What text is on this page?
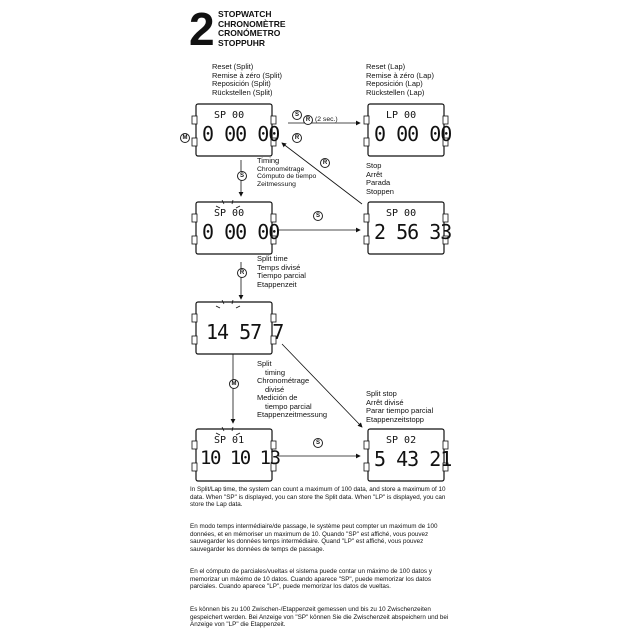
2 STOPWATCH
CHRONOMÈTRE
CRONÓMETRO
STOPPUHR
SP 00
0 00 00
S
R
M
Reset (Split)
Remise à zéro (Split)
Reposición (Split)
Rückstellen (Split)
R (2 sec.)	LP 00
0 00 00
Reset (Lap)
Remise à zéro (Lap)
Reposición (Lap)
Rückstellen (Lap)
S
Timing
Chronométrage
Cómputo de tiempo
Zeitmessung
R	Stop
Arrêt
Parada
Stoppen
SP 00
0 00 00
S	SP 00
2 56 33
R
Split time
Temps divisé
Tiempo parcial
Etappenzeit
14 57 7
M
Split
timing
Chronométrage
divisé
Medición de
tiempo parcial
Etappenzeitmessung
Split stop
Arrêt divisé
Parar tiempo parcial
Etappenzeitstopp
SP 01
10 10 13
S	SP 02
5 43 21
In Split/Lap time, the system can count a maximum of 100 data, and store a maximum of 10 data. When "SP" is displayed, you can store the Split data. When "LP" is displayed, you can store the Lap data.
En modo temps intermédiaire/de passage, le système peut compter un maximum de 100 données, et en mémoriser un maximum de 10. Quando "SP" est affiché, vous pouvez sauvegarder les données temps intermédiaire. Quand "LP" est affiché, vous pouvez sauvegarder les données de temps de passage.
En el cómputo de parciales/vueltas el sistema puede contar un máximo de 100 datos y memorizar un máximo de 10 datos. Cuando aparece "SP", puede memorizar los datos parciales. Cuando aparece "LP", puede memorizar los datos de vueltas.
Es können bis zu 100 Zwischen-/Etappenzeit gemessen und bis zu 10 Zwischenzeiten gespeichert werden. Bei Anzeige von "SP" können Sie die Zwischenzeit abspeichern und bei Anzeige von "LP" die Etappenzeit.
